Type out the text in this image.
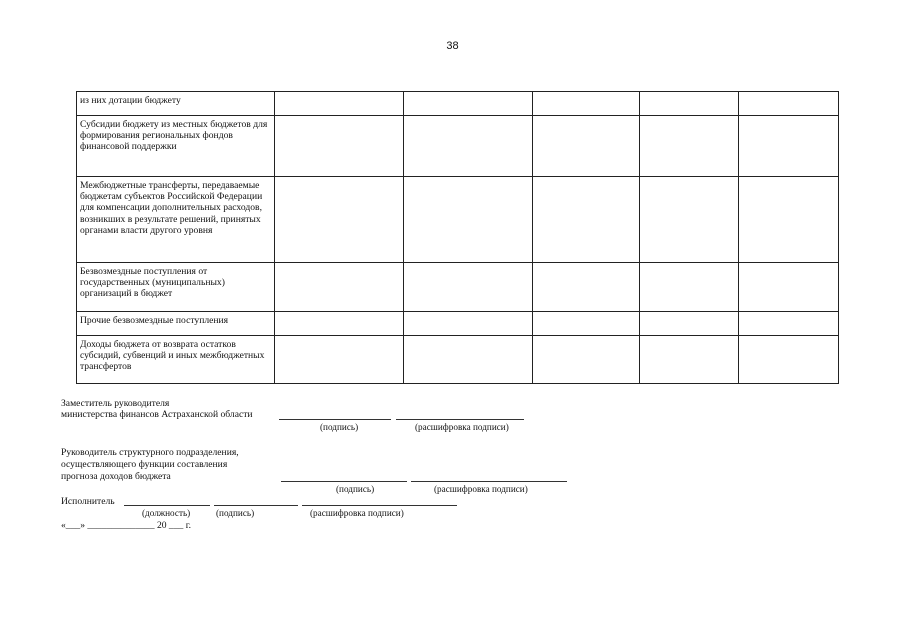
38
из них дотации бюджету					
Субсидии бюджету из местных бюджетов для формирования региональных фондов финансовой поддержки					
Межбюджетные трансферты, передаваемые бюджетам субъектов Российской Федерации для компенсации дополнительных расходов, возникших в результате решений, принятых органами власти другого уровня					
Безвозмездные поступления от государственных (муниципальных) организаций в бюджет					
Прочие безвозмездные поступления					
Доходы бюджета от возврата остатков субсидий, субвенций и иных межбюджетных трансфертов					
Заместитель руководителя
министерства финансов Астраханской области
(подпись)	(расшифровка подписи)
Руководитель структурного подразделения,
осуществляющего функции составления
прогноза доходов бюджета
(подпись)	(расшифровка подписи)
Исполнитель
(должность)	(подпись)	(расшифровка подписи)
«___» ______________ 20 ___ г.
